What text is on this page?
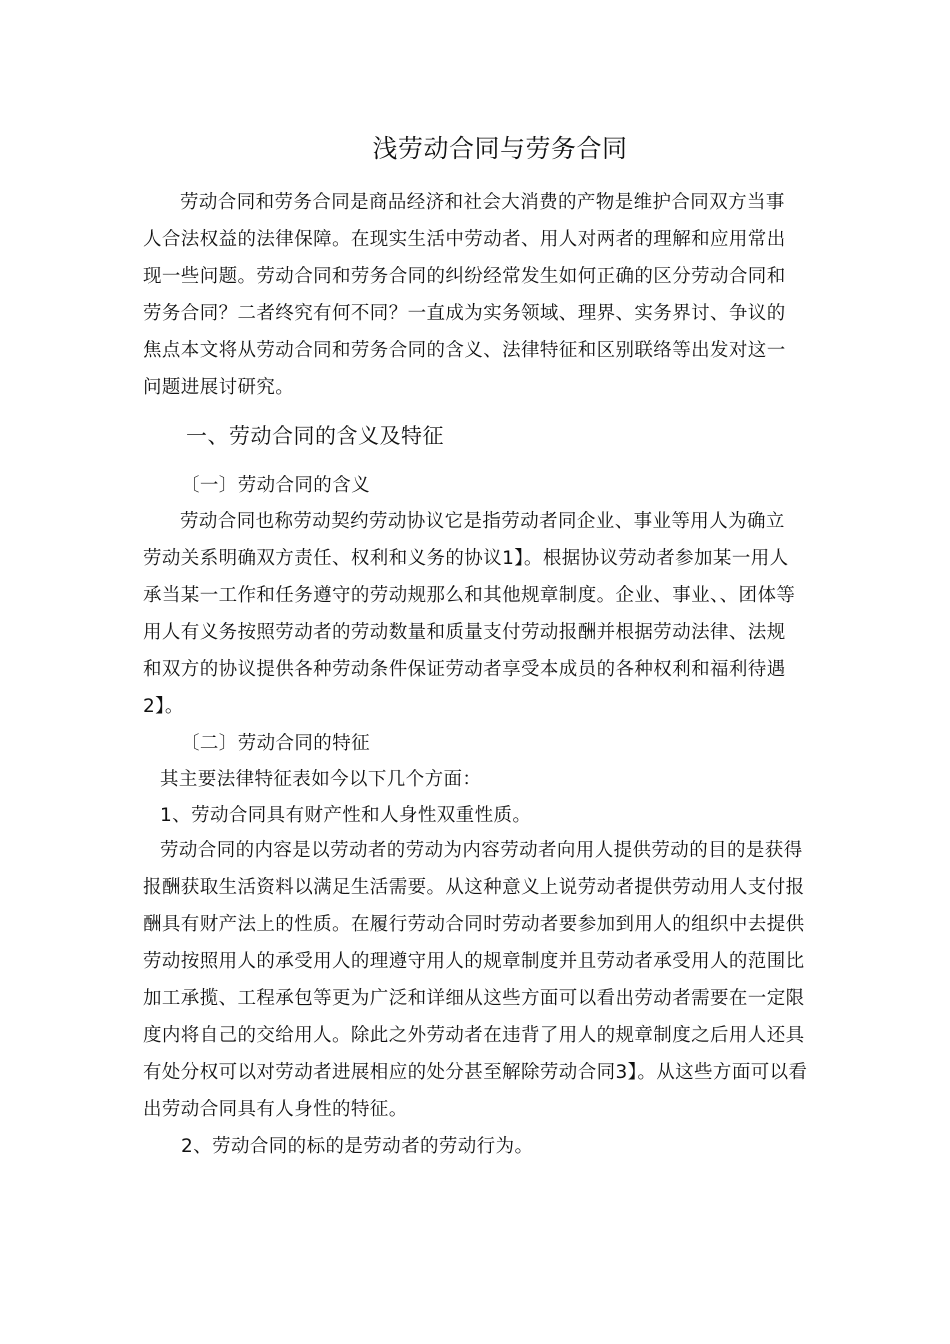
浅劳动合同与劳务合同

劳动合同和劳务合同是商品经济和社会大消费的产物是维护合同双方当事人合法权益的法律保障。在现实生活中劳动者、用人对两者的理解和应用常出现一些问题。劳动合同和劳务合同的纠纷经常发生如何正确的区分劳动合同和劳务合同？二者终究有何不同？一直成为实务领域、理界、实务界讨、争议的焦点本文将从劳动合同和劳务合同的含义、法律特征和区别联络等出发对这一问题进展讨研究。

一、劳动合同的含义及特征
〔一〕劳动合同的含义

劳动合同也称劳动契约劳动协议它是指劳动者同企业、事业等用人为确立劳动关系明确双方责任、权利和义务的协议1】。根据协议劳动者参加某一用人承当某一工作和任务遵守的劳动规那么和其他规章制度。企业、事业、、团体等用人有义务按照劳动者的劳动数量和质量支付劳动报酬并根据劳动法律、法规和双方的协议提供各种劳动条件保证劳动者享受本成员的各种权利和福利待遇2】。

〔二〕劳动合同的特征
其主要法律特征表如今以下几个方面：
1、劳动合同具有财产性和人身性双重性质。

劳动合同的内容是以劳动者的劳动为内容劳动者向用人提供劳动的目的是获得报酬获取生活资料以满足生活需要。从这种意义上说劳动者提供劳动用人支付报酬具有财产法上的性质。在履行劳动合同时劳动者要参加到用人的组织中去提供劳动按照用人的承受用人的理遵守用人的规章制度并且劳动者承受用人的范围比加工承揽、工程承包等更为广泛和详细从这些方面可以看出劳动者需要在一定限度内将自己的交给用人。除此之外劳动者在违背了用人的规章制度之后用人还具有处分权可以对劳动者进展相应的处分甚至解除劳动合同3】。从这些方面可以看出劳动合同具有人身性的特征。

2、劳动合同的标的是劳动者的劳动行为。
